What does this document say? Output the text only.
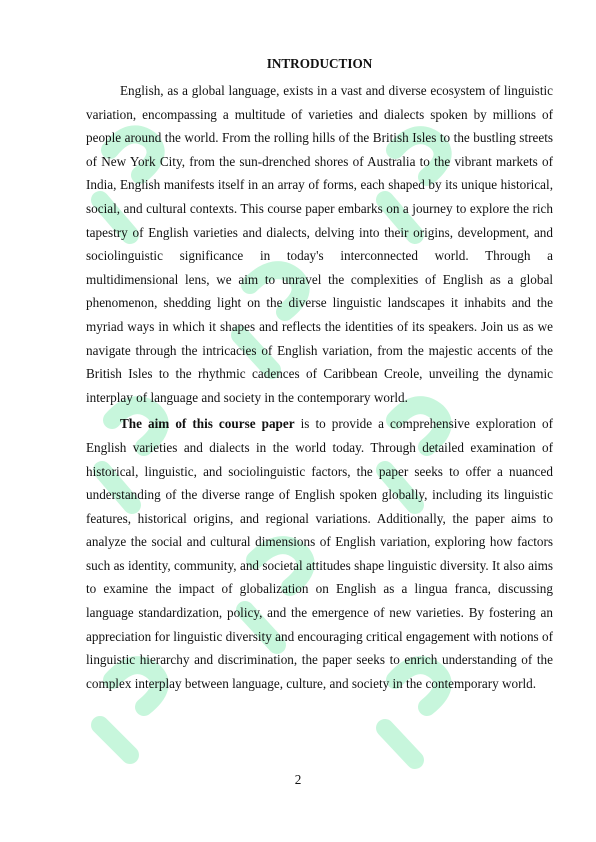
INTRODUCTION

English, as a global language, exists in a vast and diverse ecosystem of linguistic variation, encompassing a multitude of varieties and dialects spoken by millions of people around the world. From the rolling hills of the British Isles to the bustling streets of New York City, from the sun-drenched shores of Australia to the vibrant markets of India, English manifests itself in an array of forms, each shaped by its unique historical, social, and cultural contexts. This course paper embarks on a journey to explore the rich tapestry of English varieties and dialects, delving into their origins, development, and sociolinguistic significance in today's interconnected world. Through a multidimensional lens, we aim to unravel the complexities of English as a global phenomenon, shedding light on the diverse linguistic landscapes it inhabits and the myriad ways in which it shapes and reflects the identities of its speakers. Join us as we navigate through the intricacies of English variation, from the majestic accents of the British Isles to the rhythmic cadences of Caribbean Creole, unveiling the dynamic interplay of language and society in the contemporary world.

The aim of this course paper is to provide a comprehensive exploration of English varieties and dialects in the world today. Through detailed examination of historical, linguistic, and sociolinguistic factors, the paper seeks to offer a nuanced understanding of the diverse range of English spoken globally, including its linguistic features, historical origins, and regional variations. Additionally, the paper aims to analyze the social and cultural dimensions of English variation, exploring how factors such as identity, community, and societal attitudes shape linguistic diversity. It also aims to examine the impact of globalization on English as a lingua franca, discussing language standardization, policy, and the emergence of new varieties. By fostering an appreciation for linguistic diversity and encouraging critical engagement with notions of linguistic hierarchy and discrimination, the paper seeks to enrich understanding of the complex interplay between language, culture, and society in the contemporary world.

2
